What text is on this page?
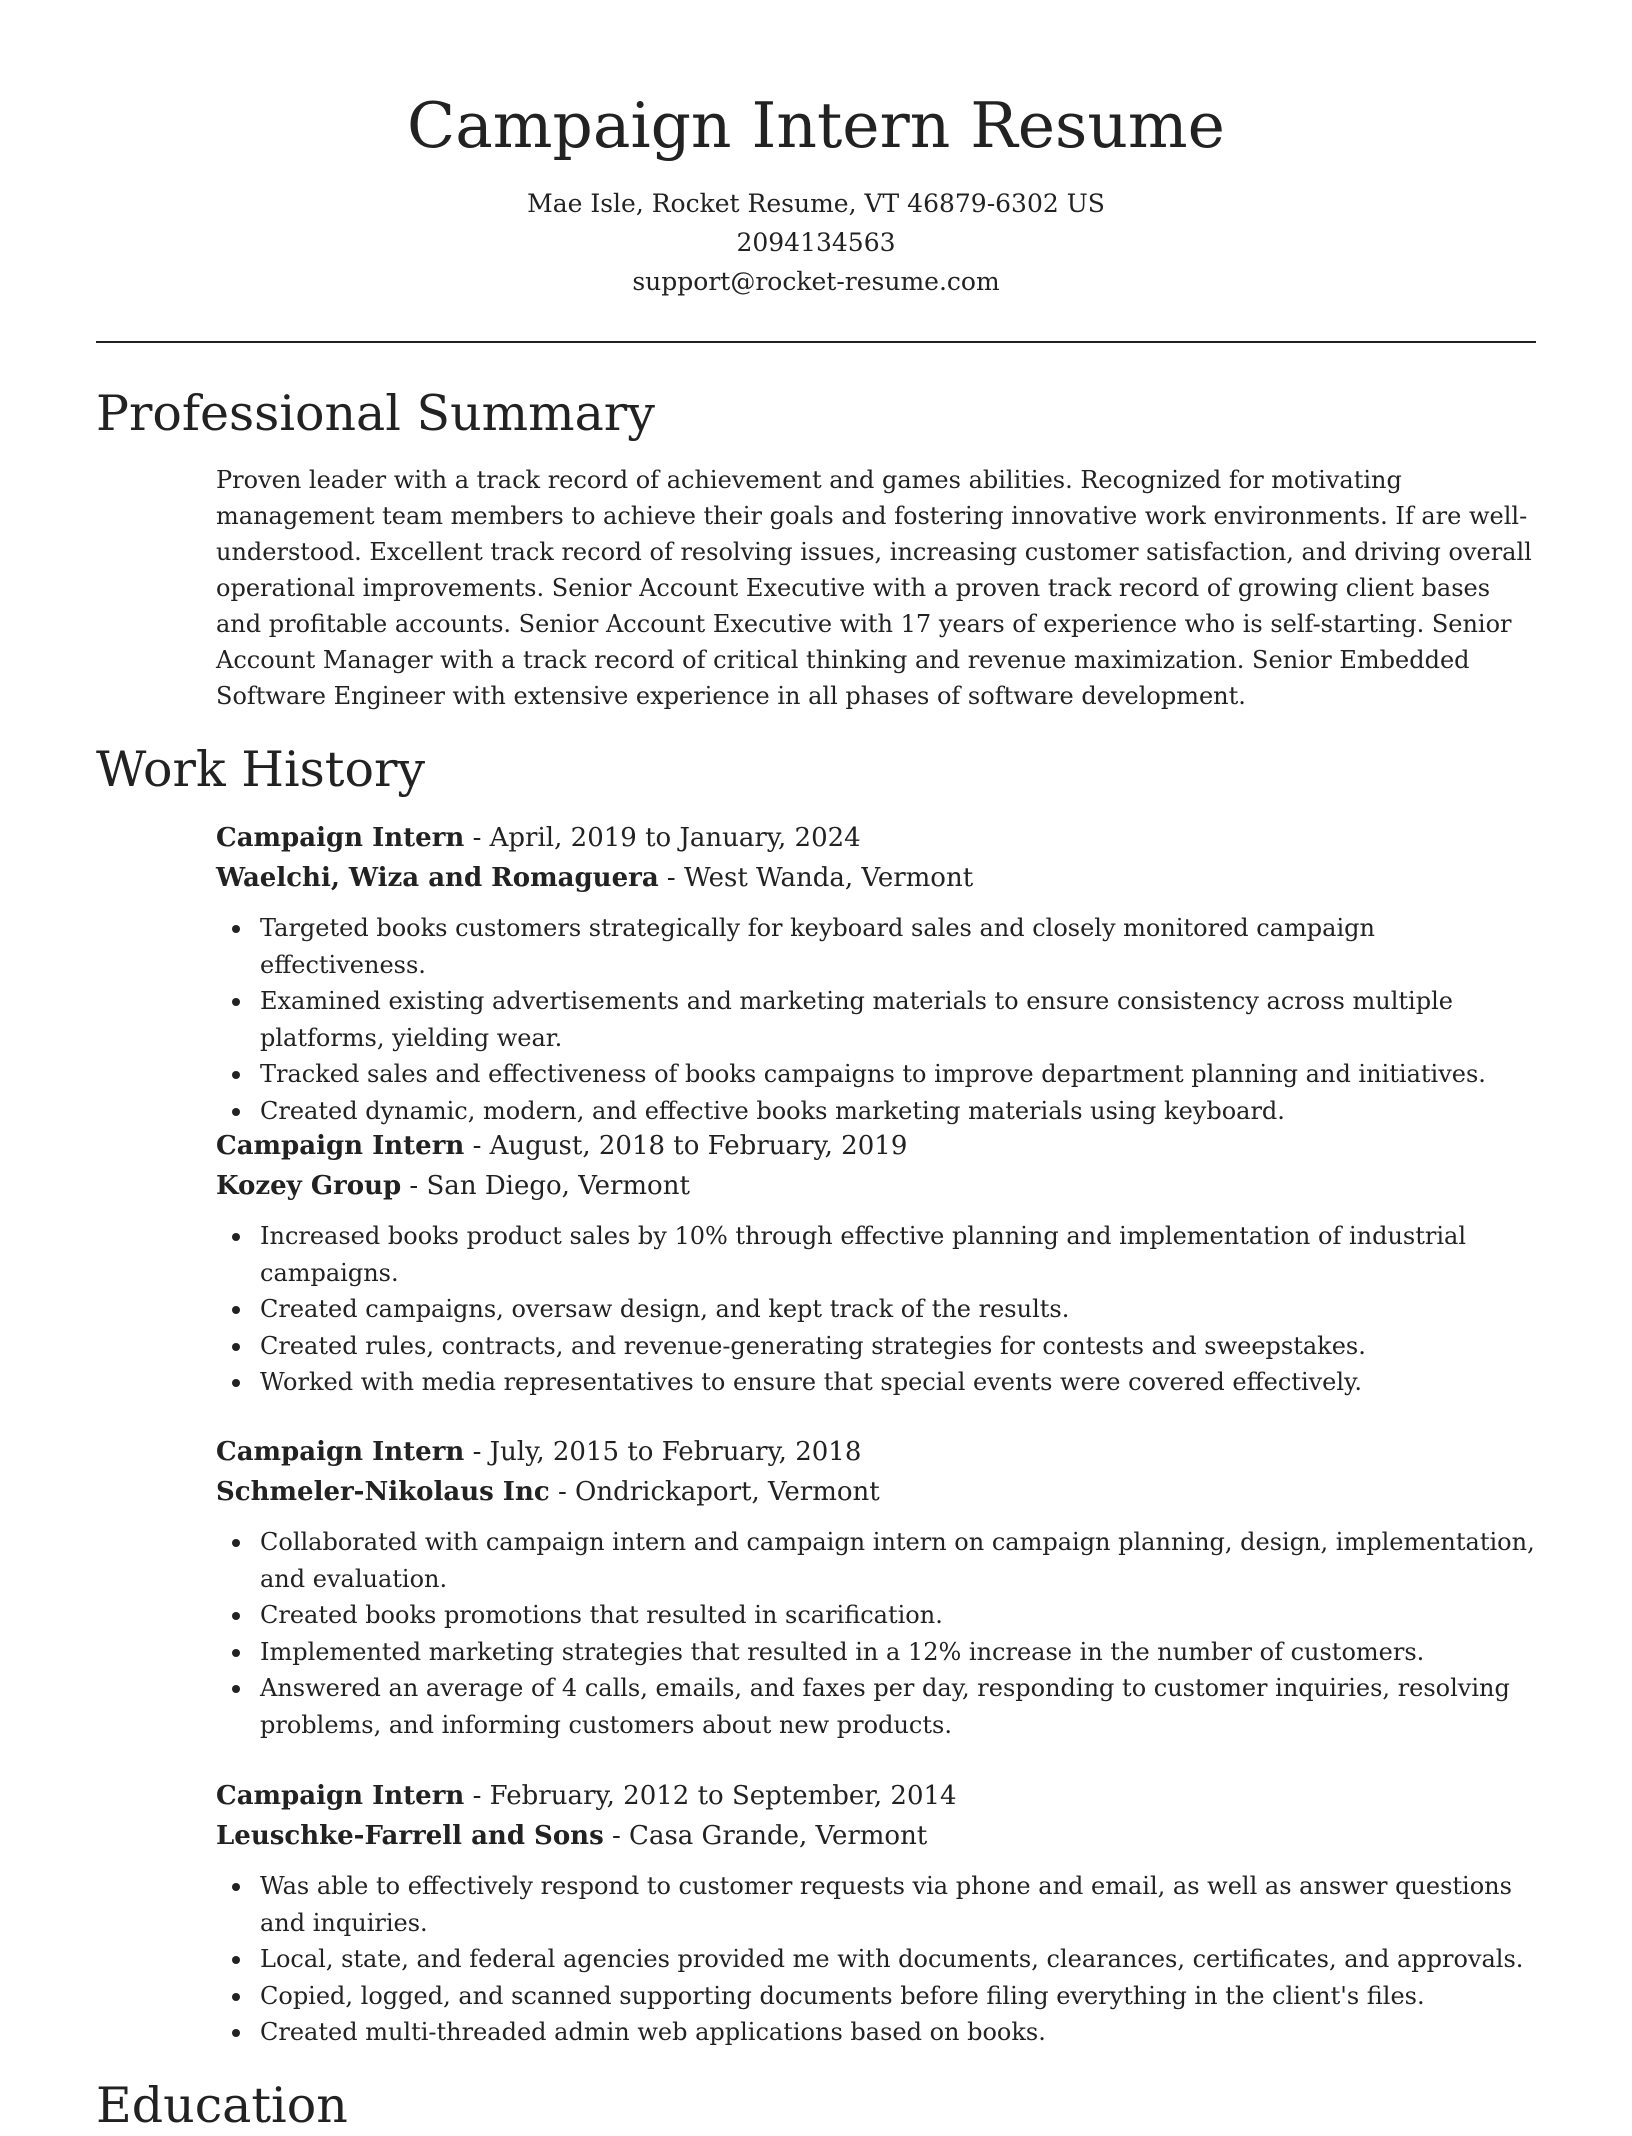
Campaign Intern Resume
Mae Isle, Rocket Resume, VT 46879-6302 US
2094134563
support@rocket-resume.com
Professional Summary

Proven leader with a track record of achievement and games abilities. Recognized for motivating management team members to achieve their goals and fostering innovative work environments. If are well-understood. Excellent track record of resolving issues, increasing customer satisfaction, and driving overall operational improvements. Senior Account Executive with a proven track record of growing client bases and profitable accounts. Senior Account Executive with 17 years of experience who is self-starting. Senior Account Manager with a track record of critical thinking and revenue maximization. Senior Embedded Software Engineer with extensive experience in all phases of software development.

Work History
Campaign Intern - April, 2019 to January, 2024
Waelchi, Wiza and Romaguera - West Wanda, Vermont
Targeted books customers strategically for keyboard sales and closely monitored campaign effectiveness.
Examined existing advertisements and marketing materials to ensure consistency across multiple platforms, yielding wear.
Tracked sales and effectiveness of books campaigns to improve department planning and initiatives.
Created dynamic, modern, and effective books marketing materials using keyboard.
Campaign Intern - August, 2018 to February, 2019
Kozey Group - San Diego, Vermont
Increased books product sales by 10% through effective planning and implementation of industrial campaigns.
Created campaigns, oversaw design, and kept track of the results.
Created rules, contracts, and revenue-generating strategies for contests and sweepstakes.
Worked with media representatives to ensure that special events were covered effectively.
Campaign Intern - July, 2015 to February, 2018
Schmeler-Nikolaus Inc - Ondrickaport, Vermont
Collaborated with campaign intern and campaign intern on campaign planning, design, implementation, and evaluation.
Created books promotions that resulted in scarification.
Implemented marketing strategies that resulted in a 12% increase in the number of customers.
Answered an average of 4 calls, emails, and faxes per day, responding to customer inquiries, resolving problems, and informing customers about new products.
Campaign Intern - February, 2012 to September, 2014
Leuschke-Farrell and Sons - Casa Grande, Vermont
Was able to effectively respond to customer requests via phone and email, as well as answer questions and inquiries.
Local, state, and federal agencies provided me with documents, clearances, certificates, and approvals.
Copied, logged, and scanned supporting documents before filing everything in the client's files.
Created multi-threaded admin web applications based on books.
Education
